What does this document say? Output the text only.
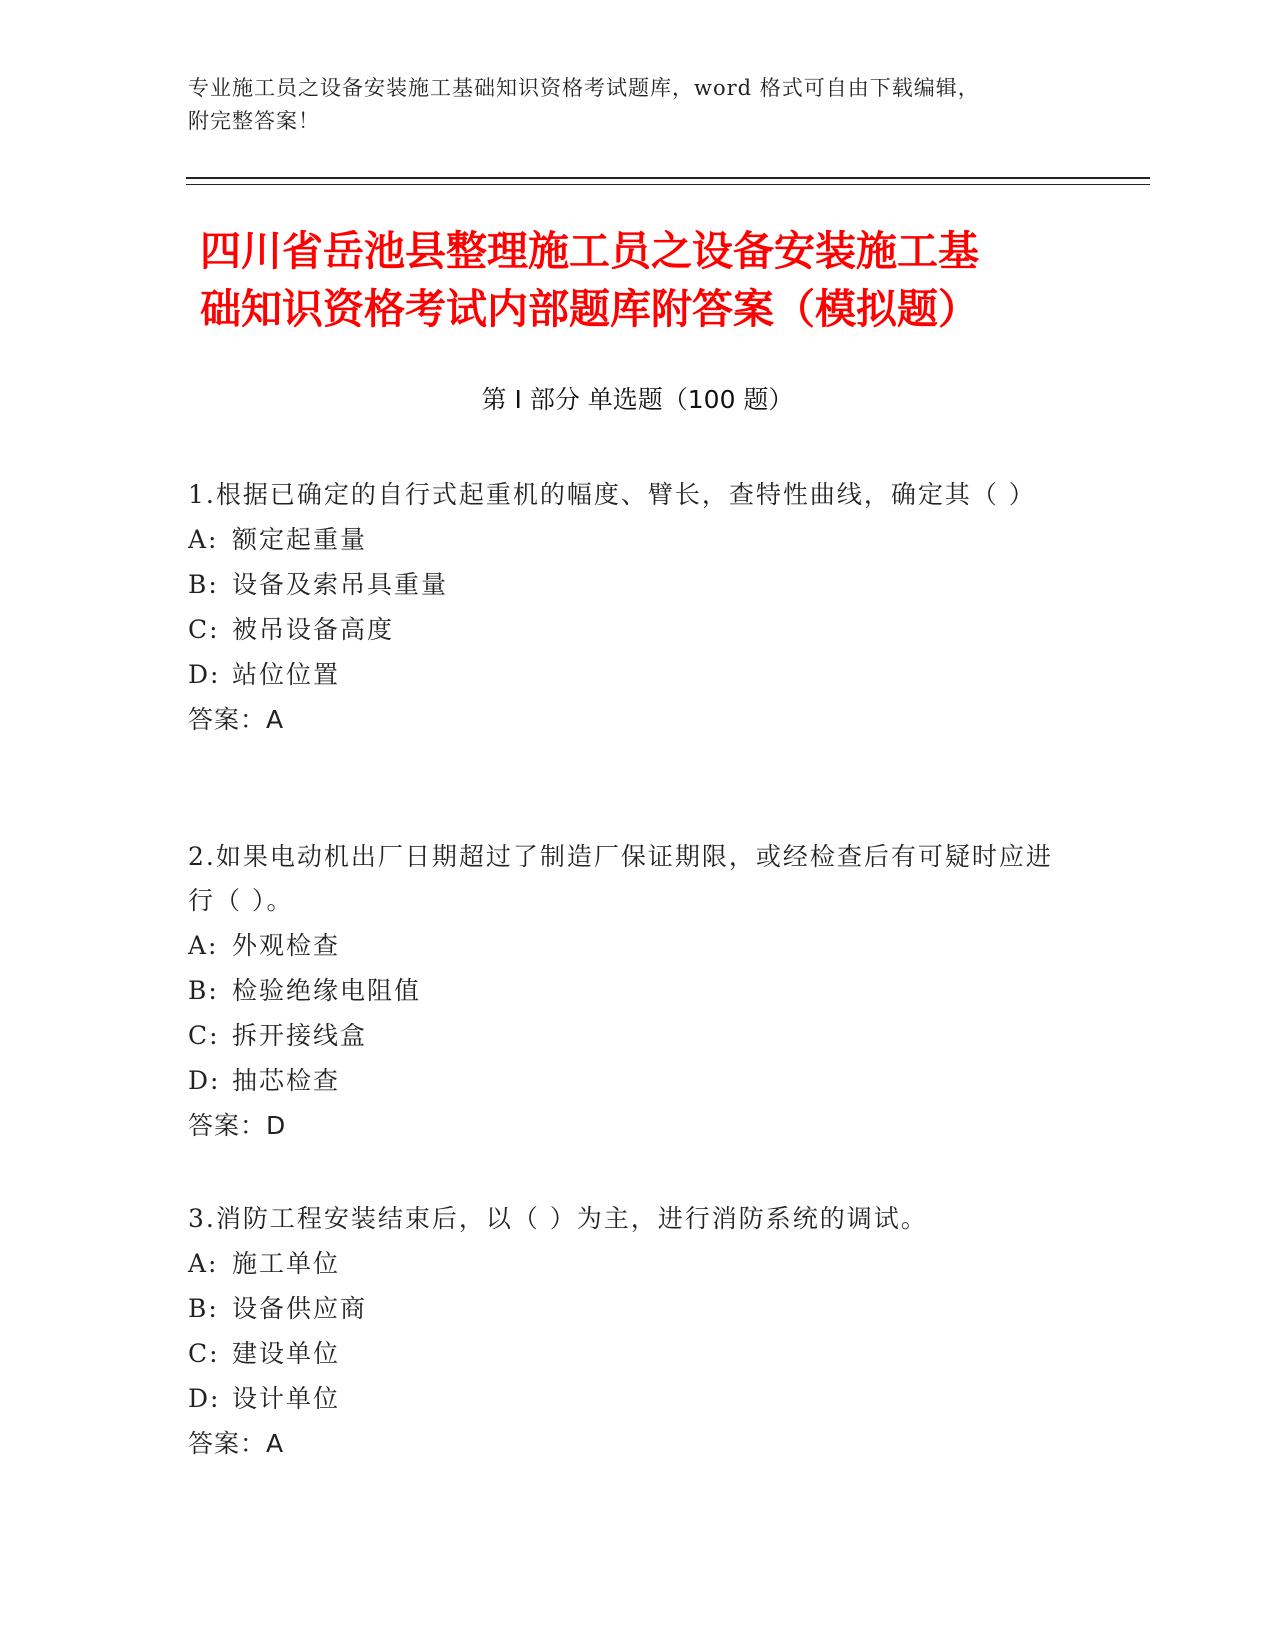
专业施工员之设备安装施工基础知识资格考试题库，word 格式可自由下载编辑，
附完整答案！
四川省岳池县整理施工员之设备安装施工基
础知识资格考试内部题库附答案（模拟题）
第 I 部分 单选题（100 题）

1.根据已确定的自行式起重机的幅度、臂长，查特性曲线，确定其（ ）

A: 额定起重量

B: 设备及索吊具重量

C: 被吊设备高度

D: 站位位置

答案：A

2.如果电动机出厂日期超过了制造厂保证期限，或经检查后有可疑时应进行（ ）。

A: 外观检查

B: 检验绝缘电阻值

C: 拆开接线盒

D: 抽芯检查

答案：D

3.消防工程安装结束后，以（ ）为主，进行消防系统的调试。

A: 施工单位

B: 设备供应商

C: 建设单位

D: 设计单位

答案：A
